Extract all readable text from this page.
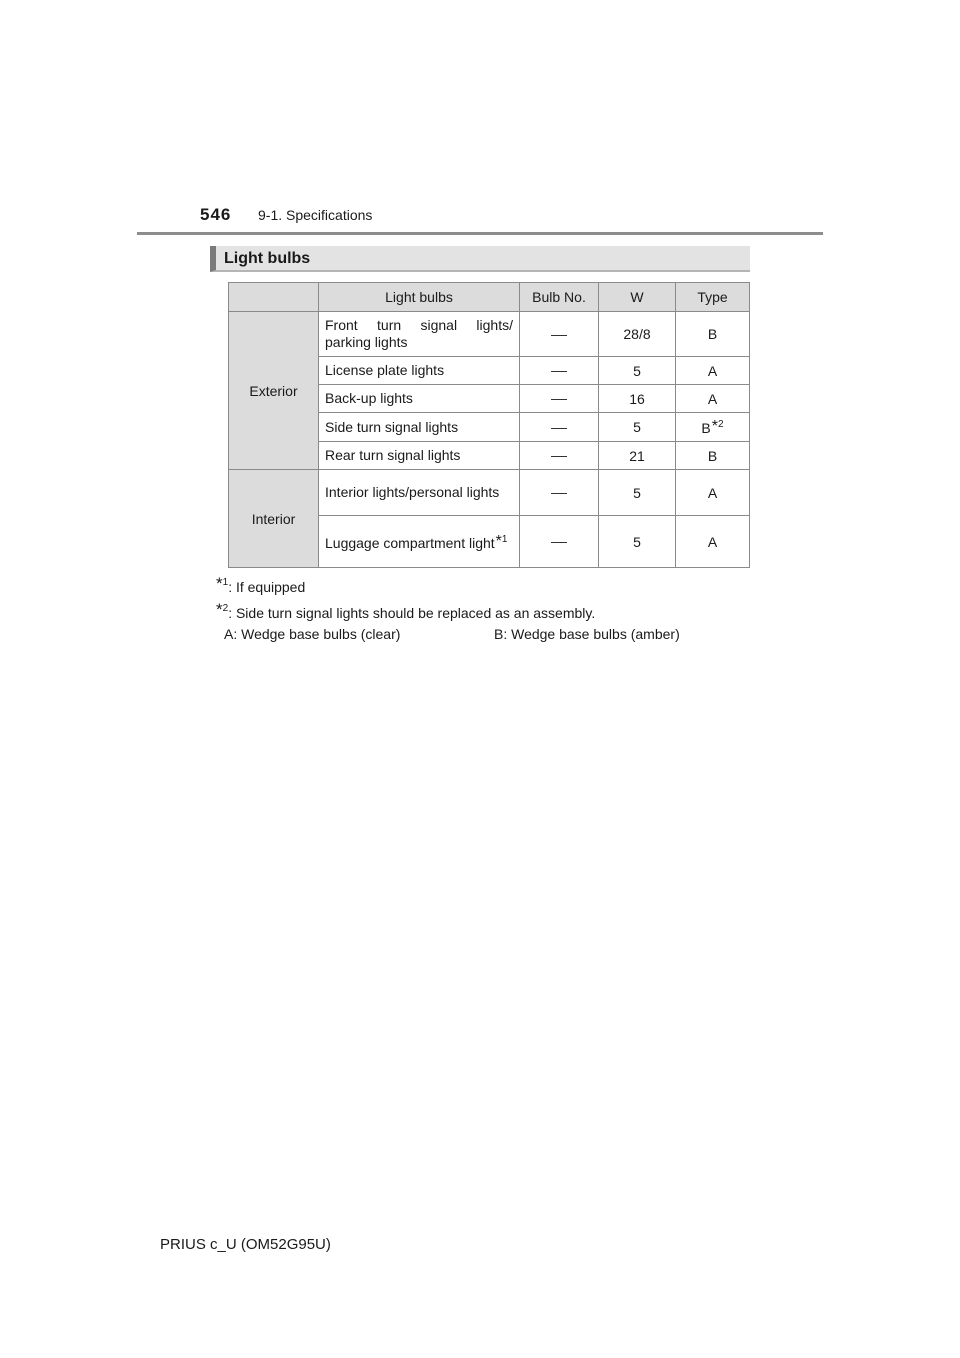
546	9-1. Specifications
Light bulbs
	Light bulbs	Bulb No.	W	Type
Exterior	Front turn signal lights/ parking lights		28/8	B
	License plate lights		5	A
	Back-up lights		16	A
	Side turn signal lights		5	B*$^2$
	Rear turn signal lights		21	B
Interior	Interior lights/personal lights		5	A
	Luggage compartment light*$^1$		5	A
*$^1$: If equipped
*$^2$: Side turn signal lights should be replaced as an assembly.
A: Wedge base bulbs (clear)	B: Wedge base bulbs (amber)
PRIUS c_U (OM52G95U)
